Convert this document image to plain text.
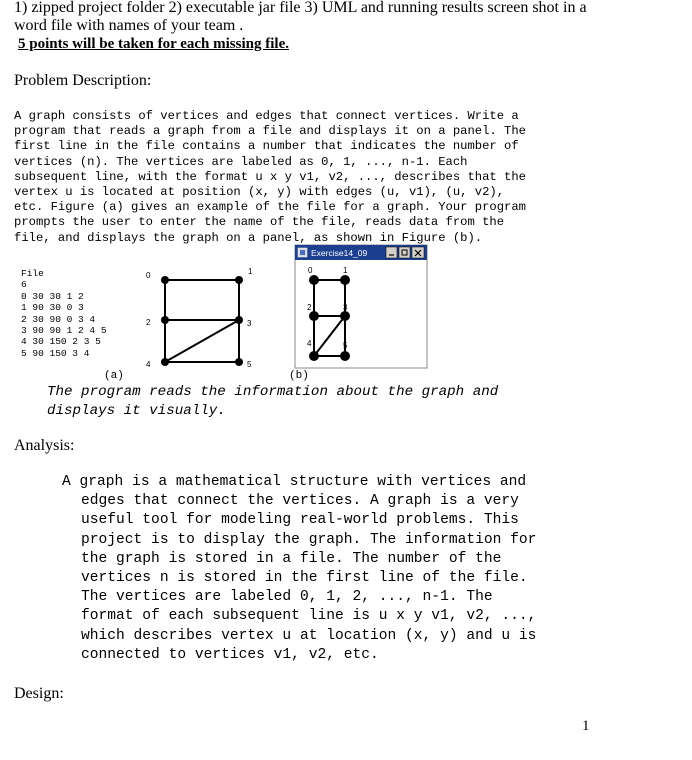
1) zipped project folder 2) executable jar file 3) UML and running results screen shot in a
word file with names of your team .
5 points will be taken for each missing file.
Problem Description:
A graph consists of vertices and edges that connect vertices. Write a
program that reads a graph from a file and displays it on a panel. The
first line in the file contains a number that indicates the number of
vertices (n). The vertices are labeled as 0, 1, ..., n-1. Each
subsequent line, with the format u x y v1, v2, ..., describes that the
vertex u is located at position (x, y) with edges (u, v1), (u, v2),
etc. Figure (a) gives an example of the file for a graph. Your program
prompts the user to enter the name of the file, reads data from the
file, and displays the graph on a panel, as shown in Figure (b).
File
6
0 30 30 1 2
1 90 30 0 3
2 30 90 0 3 4
3 90 90 1 2 4 5
4 30 150 2 3 5
5 90 150 3 4
0	1
2	3
4	5
Exercise14_09
0	1
2	3
4	5
(a)	(b)
The program reads the information about the graph and
displays it visually.
Analysis:
A graph is a mathematical structure with vertices and
edges that connect the vertices. A graph is a very
useful tool for modeling real-world problems. This
project is to display the graph. The information for
the graph is stored in a file. The number of the
vertices n is stored in the first line of the file.
The vertices are labeled 0, 1, 2, ..., n-1. The
format of each subsequent line is u x y v1, v2, ...,
which describes vertex u at location (x, y) and u is
connected to vertices v1, v2, etc.
Design:
1
